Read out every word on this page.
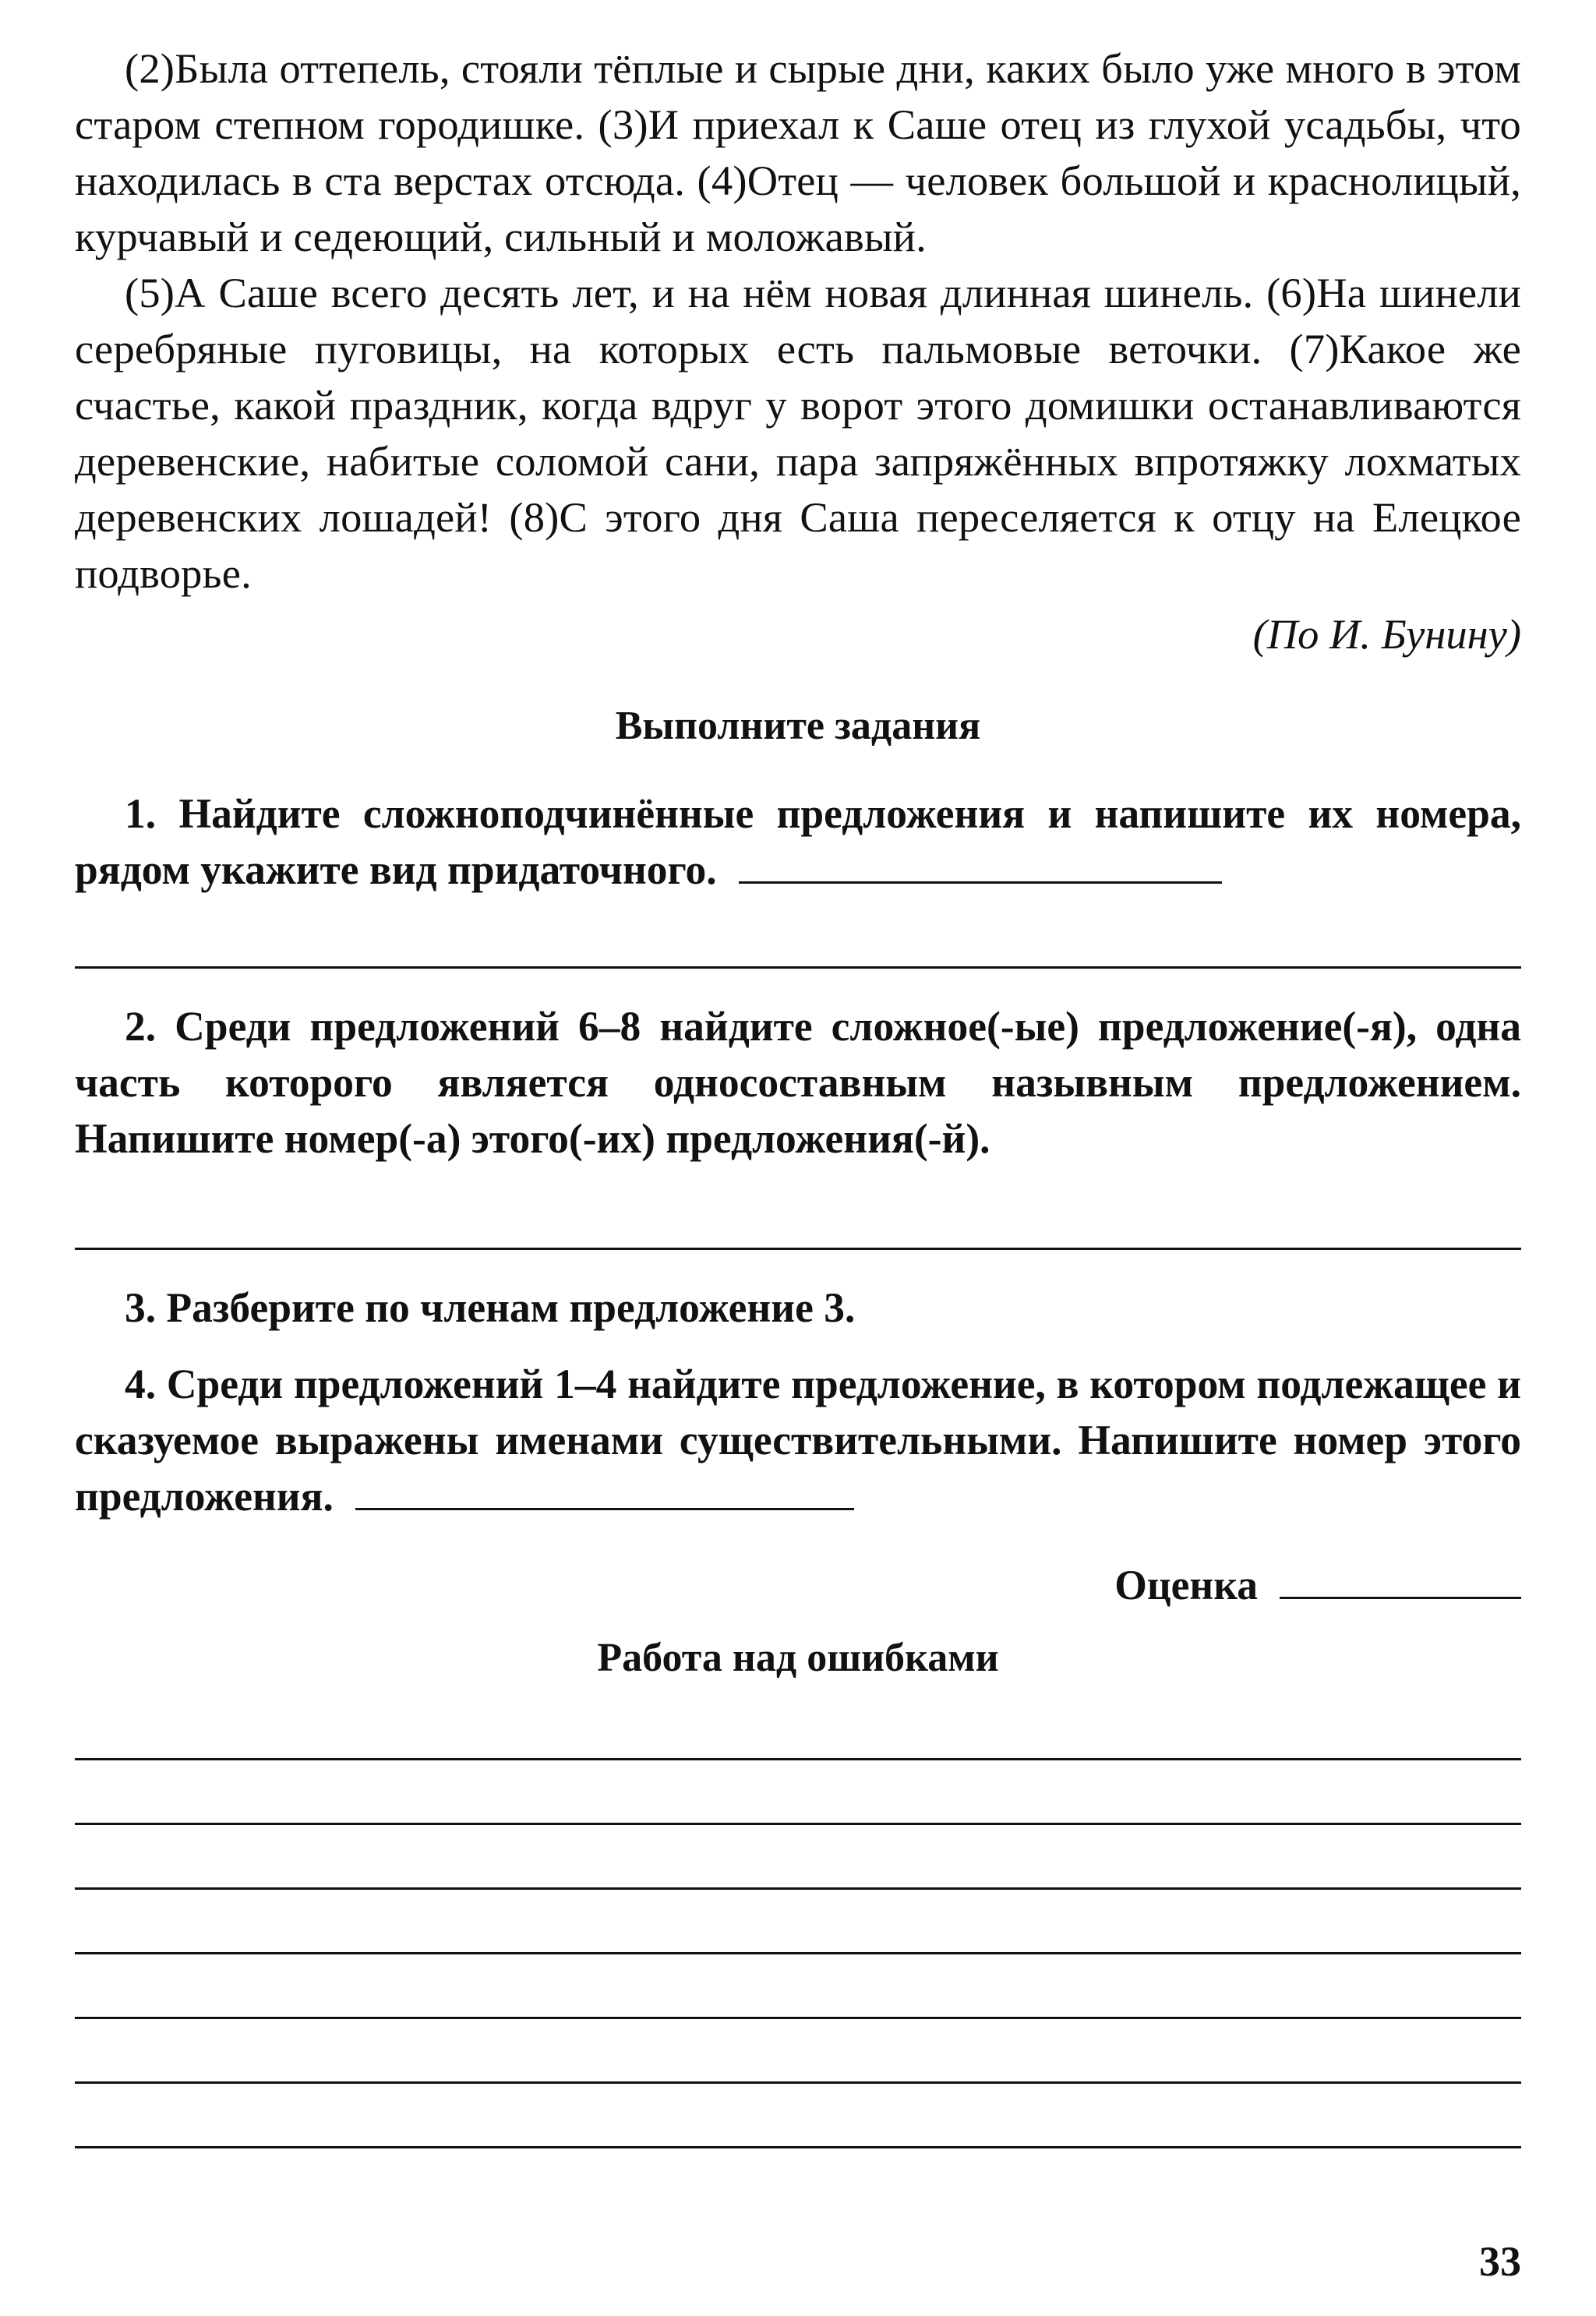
(2)Была оттепель, стояли тёплые и сырые дни, каких было уже много в этом старом степном городишке. (3)И приехал к Саше отец из глухой усадьбы, что находилась в ста верстах отсюда. (4)Отец — человек большой и краснолицый, курчавый и седеющий, сильный и моложавый.

(5)А Саше всего десять лет, и на нём новая длинная шинель. (6)На шинели серебряные пуговицы, на которых есть пальмовые веточки. (7)Какое же счастье, какой праздник, когда вдруг у ворот этого домишки останавливаются деревенские, набитые соломой сани, пара запряжённых впротяжку лохматых деревенских лошадей! (8)С этого дня Саша переселяется к отцу на Елецкое подворье.

(По И. Бунину)

Выполните задания

1. Найдите сложноподчинённые предложения и напишите их номера, рядом укажите вид придаточного.

2. Среди предложений 6–8 найдите сложное(-ые) предложение(-я), одна часть которого является односоставным назывным предложением. Напишите номер(-а) этого(-их) предложения(-й).

3. Разберите по членам предложение 3.

4. Среди предложений 1–4 найдите предложение, в котором подлежащее и сказуемое выражены именами существительными. Напишите номер этого предложения.

Оценка
Работа над ошибками
33
